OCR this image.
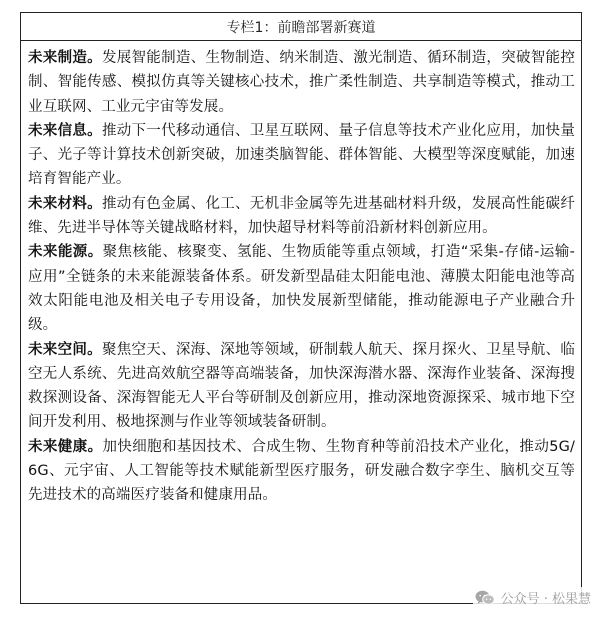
专栏1：前瞻部署新赛道

未来制造。发展智能制造、生物制造、纳米制造、激光制造、循环制造，突破智能控制、智能传感、模拟仿真等关键核心技术，推广柔性制造、共享制造等模式，推动工业互联网、工业元宇宙等发展。

未来信息。推动下一代移动通信、卫星互联网、量子信息等技术产业化应用，加快量子、光子等计算技术创新突破，加速类脑智能、群体智能、大模型等深度赋能，加速培育智能产业。

未来材料。推动有色金属、化工、无机非金属等先进基础材料升级，发展高性能碳纤维、先进半导体等关键战略材料，加快超导材料等前沿新材料创新应用。

未来能源。聚焦核能、核聚变、氢能、生物质能等重点领域，打造“采集-存储-运输-应用”全链条的未来能源装备体系。研发新型晶硅太阳能电池、薄膜太阳能电池等高效太阳能电池及相关电子专用设备，加快发展新型储能，推动能源电子产业融合升级。

未来空间。聚焦空天、深海、深地等领域，研制载人航天、探月探火、卫星导航、临空无人系统、先进高效航空器等高端装备，加快深海潜水器、深海作业装备、深海搜救探测设备、深海智能无人平台等研制及创新应用，推动深地资源探采、城市地下空间开发利用、极地探测与作业等领域装备研制。

未来健康。加快细胞和基因技术、合成生物、生物育种等前沿技术产业化，推动5G/6G、元宇宙、人工智能等技术赋能新型医疗服务，研发融合数字孪生、脑机交互等先进技术的高端医疗装备和健康用品。

公众号 · 松果慧
